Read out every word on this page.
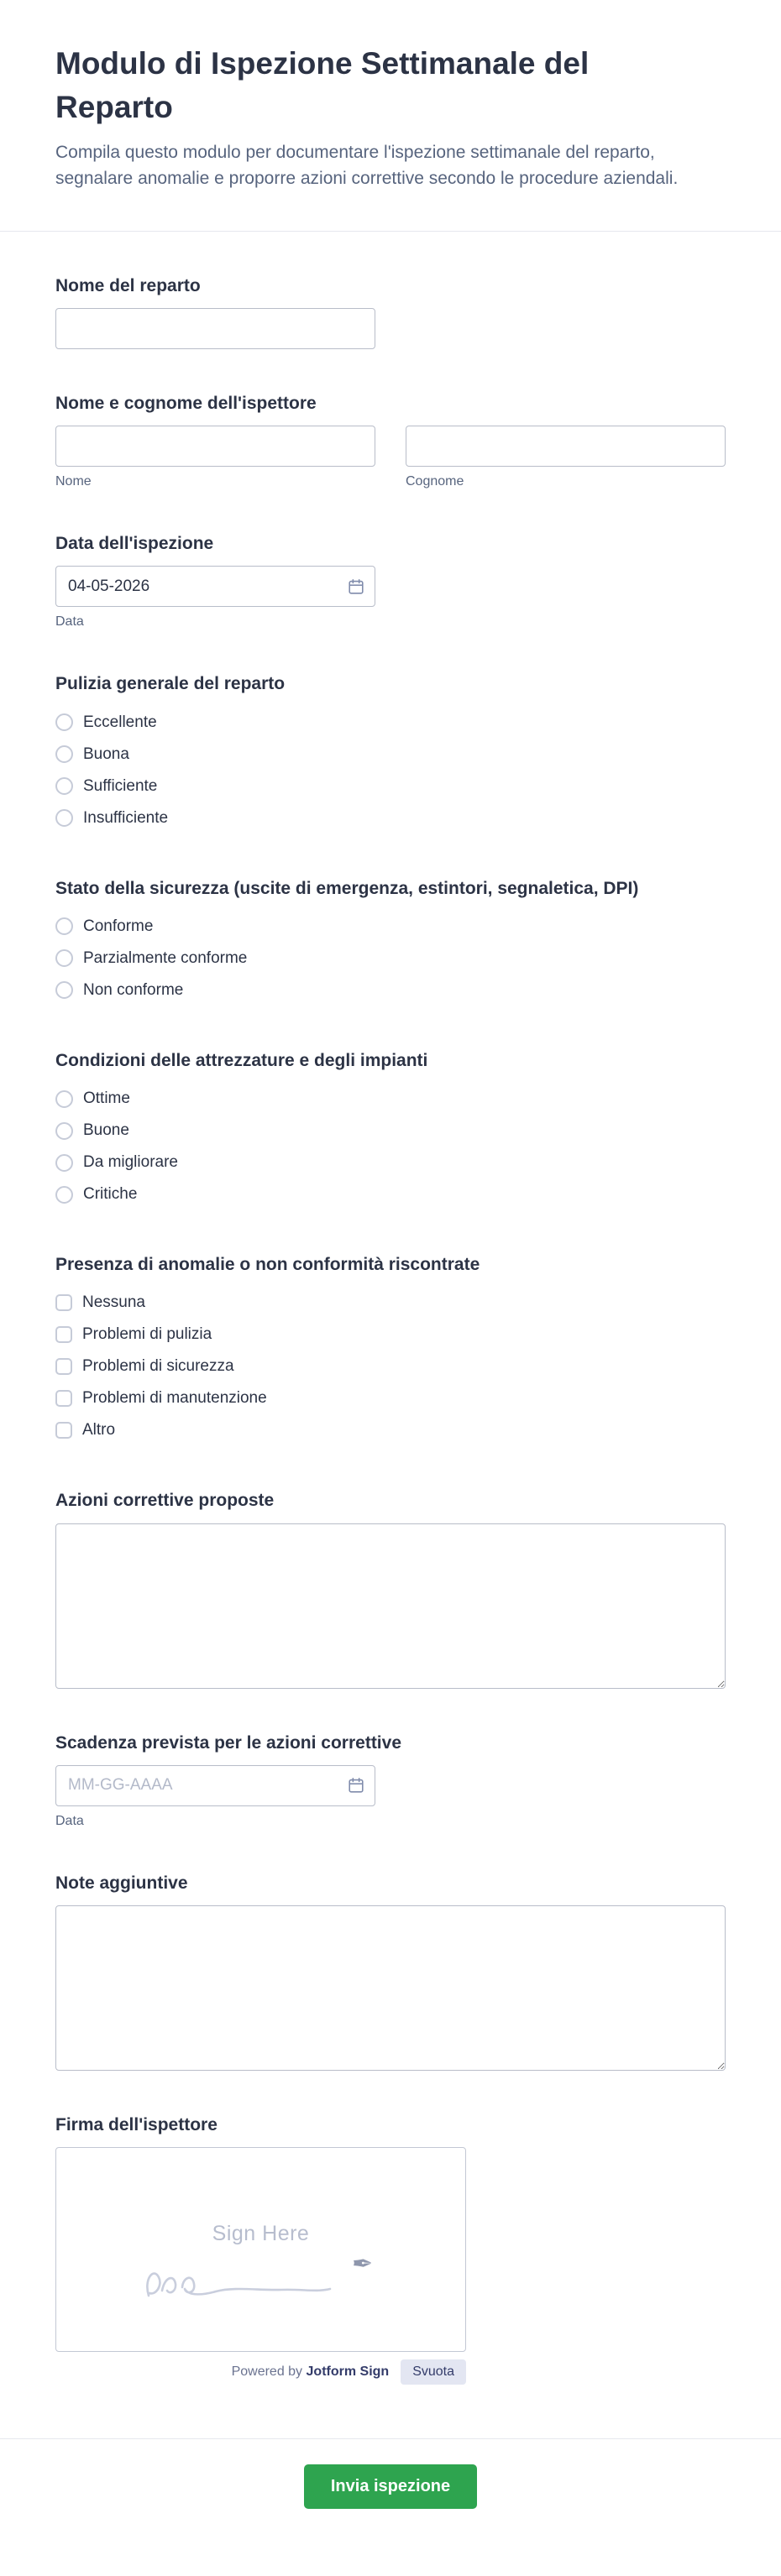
Modulo di Ispezione Settimanale del Reparto

Compila questo modulo per documentare l'ispezione settimanale del reparto, segnalare anomalie e proporre azioni correttive secondo le procedure aziendali.

Nome del reparto
Nome e cognome dell'ispettore
Nome	Cognome
Data dell'ispezione
04-05-2026
Data
Pulizia generale del reparto
Eccellente
Buona
Sufficiente
Insufficiente
Stato della sicurezza (uscite di emergenza, estintori, segnaletica, DPI)
Conforme
Parzialmente conforme
Non conforme
Condizioni delle attrezzature e degli impianti
Ottime
Buone
Da migliorare
Critiche
Presenza di anomalie o non conformità riscontrate
Nessuna
Problemi di pulizia
Problemi di sicurezza
Problemi di manutenzione
Altro
Azioni correttive proposte
Scadenza prevista per le azioni correttive
MM-GG-AAAA
Data
Note aggiuntive
Firma dell'ispettore
Sign Here
✒
Powered by Jotform Sign	Svuota
Invia ispezione
